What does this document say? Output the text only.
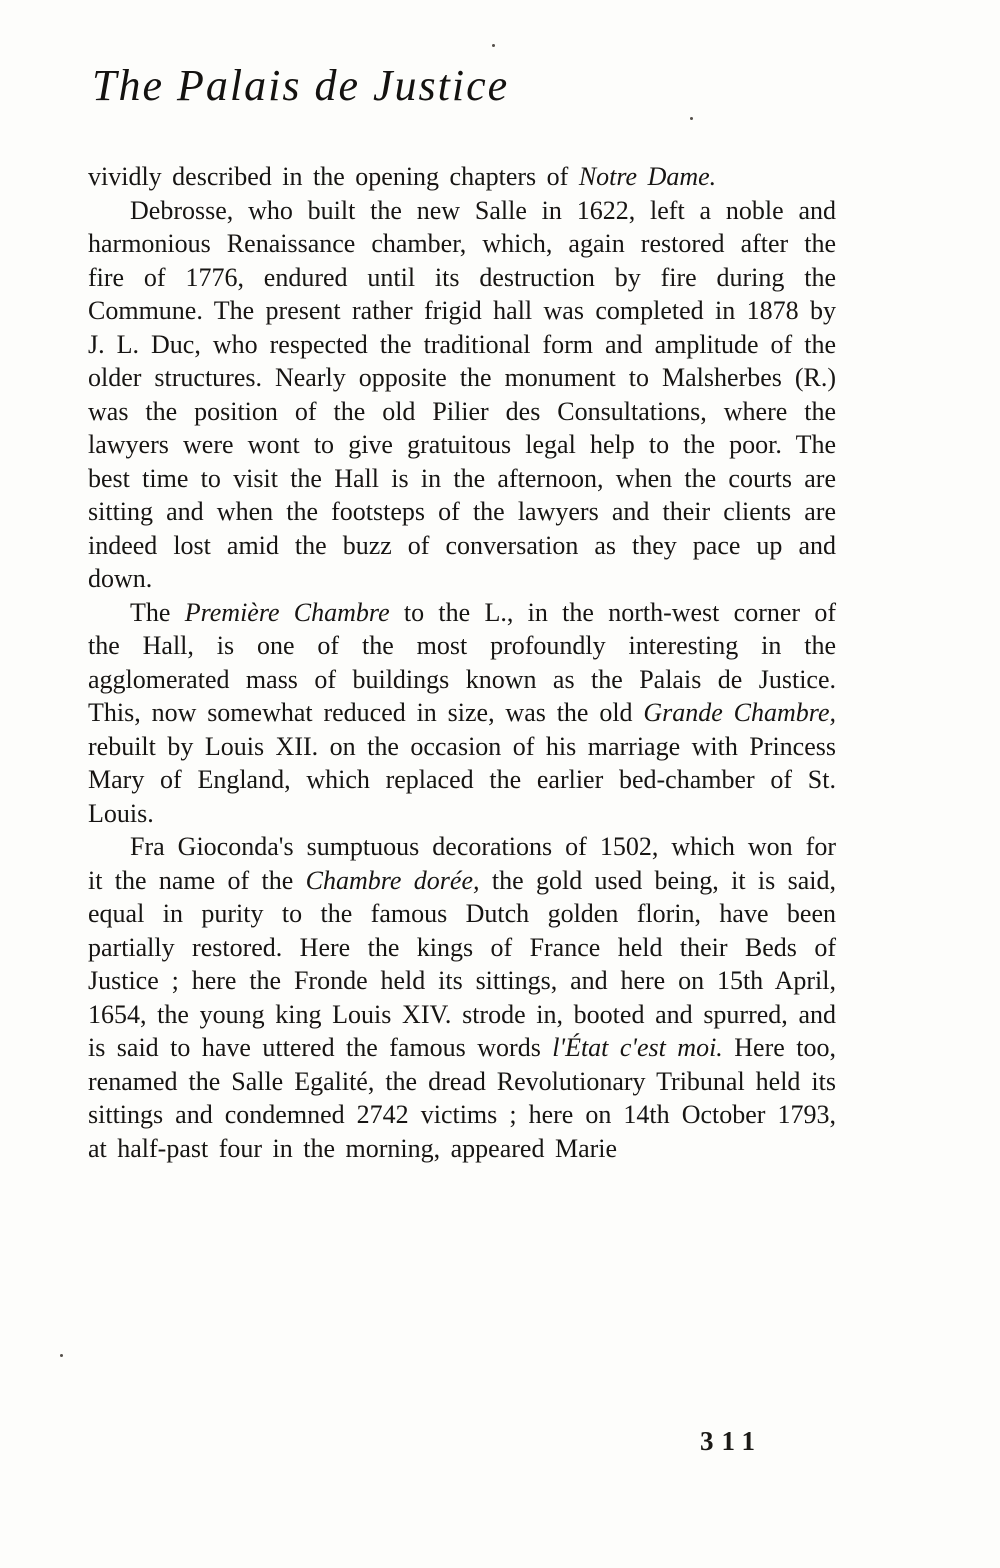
The Palais de Justice

vividly described in the opening chapters of Notre Dame.

Debrosse, who built the new Salle in 1622, left a noble and harmonious Renaissance chamber, which, again restored after the fire of 1776, endured until its destruction by fire during the Commune. The present rather frigid hall was completed in 1878 by J. L. Duc, who respected the traditional form and amplitude of the older structures. Nearly opposite the monument to Malsherbes (R.) was the position of the old Pilier des Consultations, where the lawyers were wont to give gratuitous legal help to the poor. The best time to visit the Hall is in the afternoon, when the courts are sitting and when the footsteps of the lawyers and their clients are indeed lost amid the buzz of conversation as they pace up and down.

The Première Chambre to the L., in the north-west corner of the Hall, is one of the most profoundly interesting in the agglomerated mass of buildings known as the Palais de Justice. This, now somewhat reduced in size, was the old Grande Chambre, rebuilt by Louis XII. on the occasion of his marriage with Princess Mary of England, which replaced the earlier bed-chamber of St. Louis.

Fra Gioconda's sumptuous decorations of 1502, which won for it the name of the Chambre dorée, the gold used being, it is said, equal in purity to the famous Dutch golden florin, have been partially restored. Here the kings of France held their Beds of Justice ; here the Fronde held its sittings, and here on 15th April, 1654, the young king Louis XIV. strode in, booted and spurred, and is said to have uttered the famous words l'État c'est moi. Here too, renamed the Salle Egalité, the dread Revolutionary Tribunal held its sittings and condemned 2742 victims ; here on 14th October 1793, at half-past four in the morning, appeared Marie

311
